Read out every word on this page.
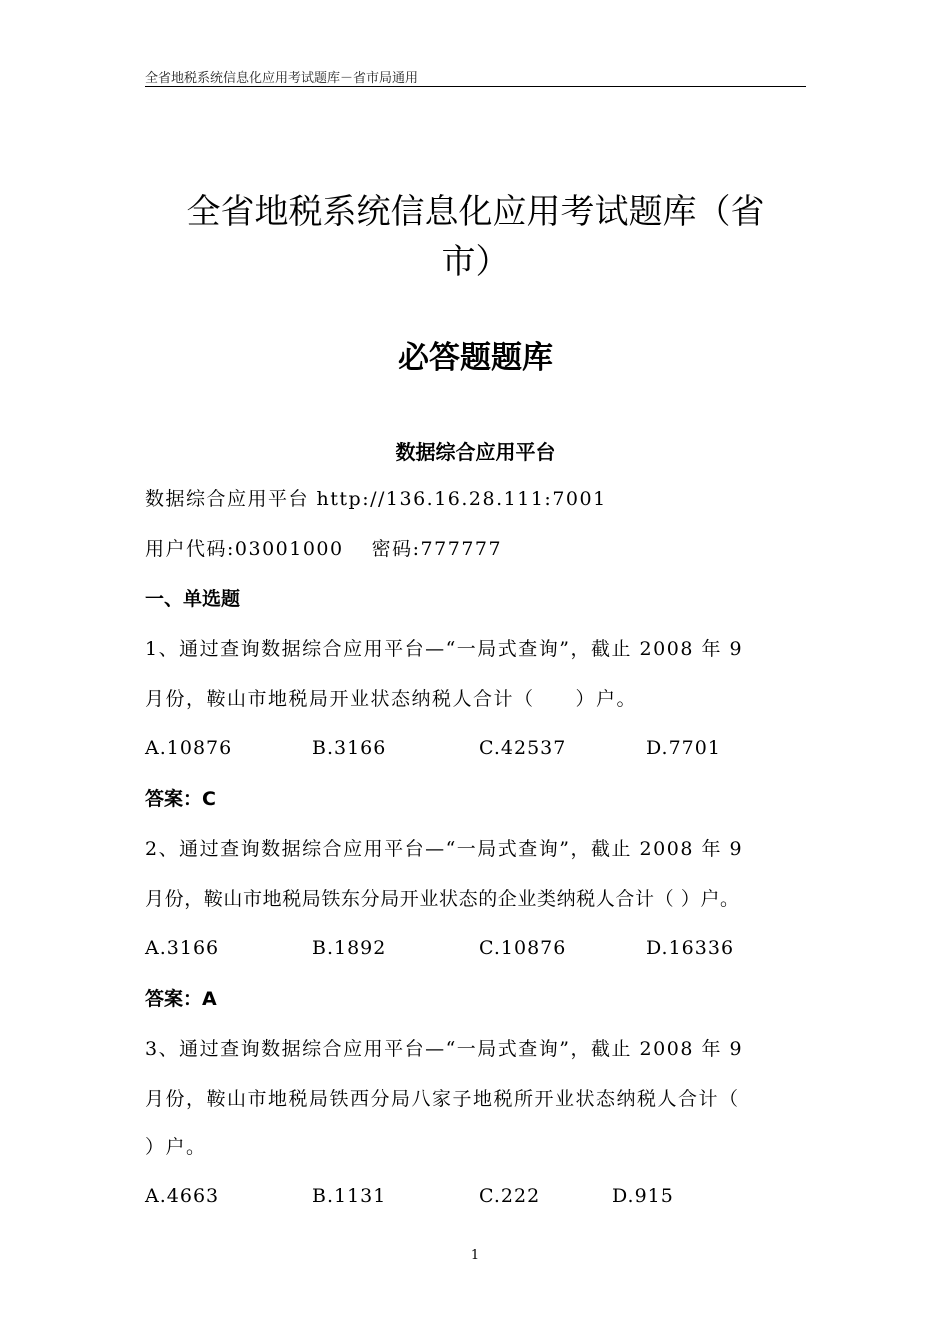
全省地税系统信息化应用考试题库－省市局通用
全省地税系统信息化应用考试题库（省
市）
必答题题库
数据综合应用平台
数据综合应用平台 http://136.16.28.111:7001
用户代码:03001000　 密码:777777
一、单选题
1、通过查询数据综合应用平台—“一局式查询”，截止 2008 年 9
月份，鞍山市地税局开业状态纳税人合计（　　）户。
A.10876	B.3166	C.42537	D.7701
答案：C
2、通过查询数据综合应用平台—“一局式查询”，截止 2008 年 9
月份，鞍山市地税局铁东分局开业状态的企业类纳税人合计（ ）户。
A.3166	B.1892	C.10876	D.16336
答案：A
3、通过查询数据综合应用平台—“一局式查询”，截止 2008 年 9
月份，鞍山市地税局铁西分局八家子地税所开业状态纳税人合计（
）户。
A.4663	B.1131	C.222	D.915
1
